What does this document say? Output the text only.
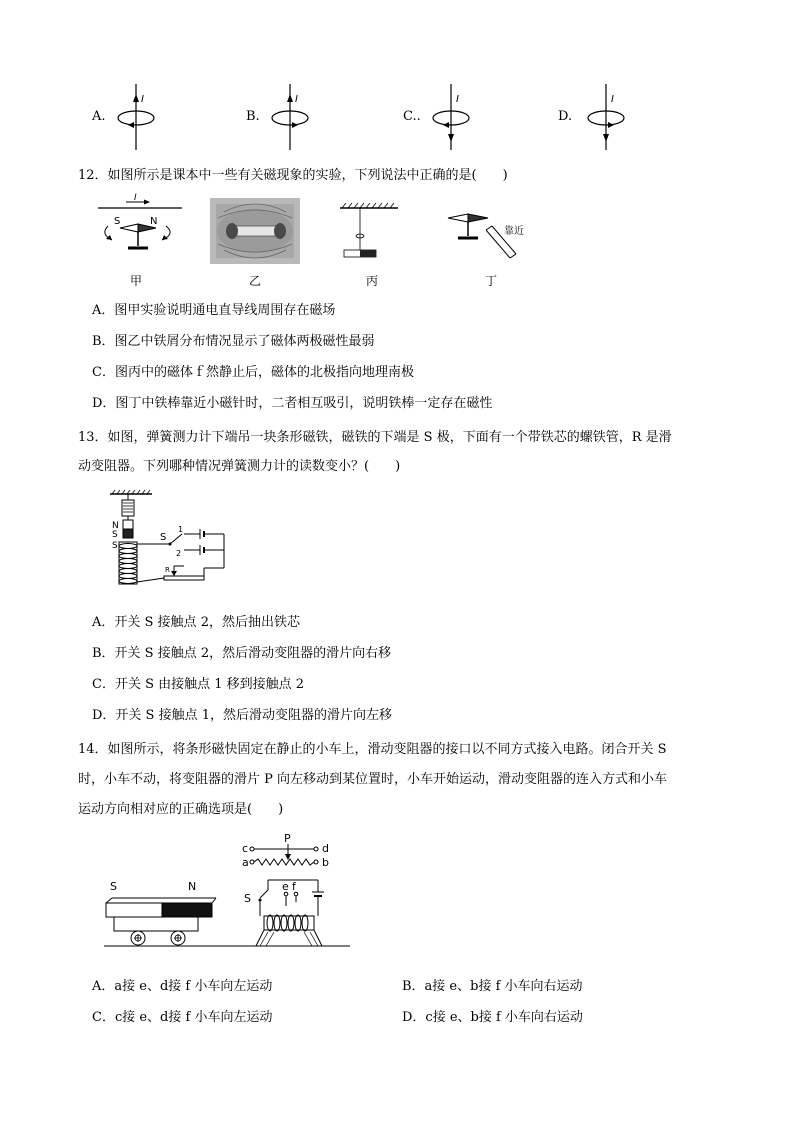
A.
I
B.
I
C..
I
D.
I
12．如图所示是课本中一些有关磁现象的实验，下列说法中正确的是(　　)
I
S	N
甲	乙	丙
靠近
丁
A．图甲实验说明通电直导线周围存在磁场
B．图乙中铁屑分布情况显示了磁体两极磁性最弱
C．图丙中的磁体ｆ然静止后，磁体的北极指向地理南极
D．图丁中铁棒靠近小磁针时，二者相互吸引，说明铁棒一定存在磁性
13．如图，弹簧测力计下端吊一块条形磁铁，磁铁的下端是 S 极，下面有一个带铁芯的螺铁管，R 是滑
动变阻器。下列哪种情况弹簧测力计的读数变小？(　　)
N
S
S
S
1
2
R
A．开关 S 接触点 2，然后抽出铁芯
B．开关 S 接触点 2，然后滑动变阻器的滑片向右移
C．开关 S 由接触点 1 移到接触点 2
D．开关 S 接触点 1，然后滑动变阻器的滑片向左移
14．如图所示，将条形磁快固定在静止的小车上，滑动变阻器的接口以不同方式接入电路。闭合开关 S
时，小车不动，将变阻器的滑片 P 向左移动到某位置时，小车开始运动，滑动变阻器的连入方式和小车
运动方向相对应的正确选项是(　　)
S	N
P
c	d
a	b
e f
S
A．a接 e、d接 f 小车向左运动	B．a接 e、b接 f 小车向右运动
C．c接 e、d接 f 小车向左运动	D．c接 e、b接 f 小车向右运动
